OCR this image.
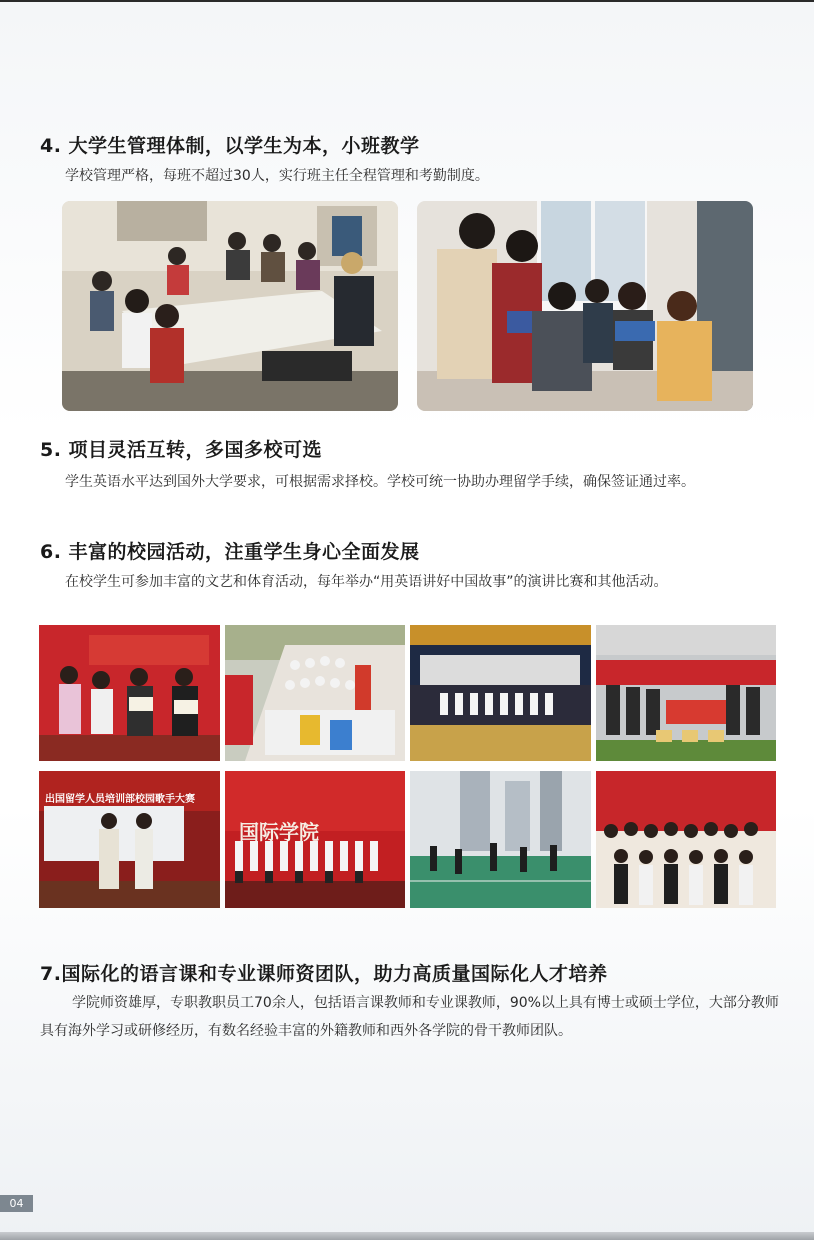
4. 大学生管理体制，以学生为本，小班教学
学校管理严格，每班不超过30人，实行班主任全程管理和考勤制度。
5. 项目灵活互转，多国多校可选
学生英语水平达到国外大学要求，可根据需求择校。学校可统一协助办理留学手续，确保签证通过率。
6. 丰富的校园活动，注重学生身心全面发展
在校学生可参加丰富的文艺和体育活动，每年举办“用英语讲好中国故事”的演讲比赛和其他活动。
出国留学人员培训部校园歌手大赛
国际学院
7.国际化的语言课和专业课师资团队，助力高质量国际化人才培养
学院师资雄厚，专职教职员工70余人，包括语言课教师和专业课教师，90%以上具有博士或硕士学位，大部分教师具有海外学习或研修经历，有数名经验丰富的外籍教师和西外各学院的骨干教师团队。
04
